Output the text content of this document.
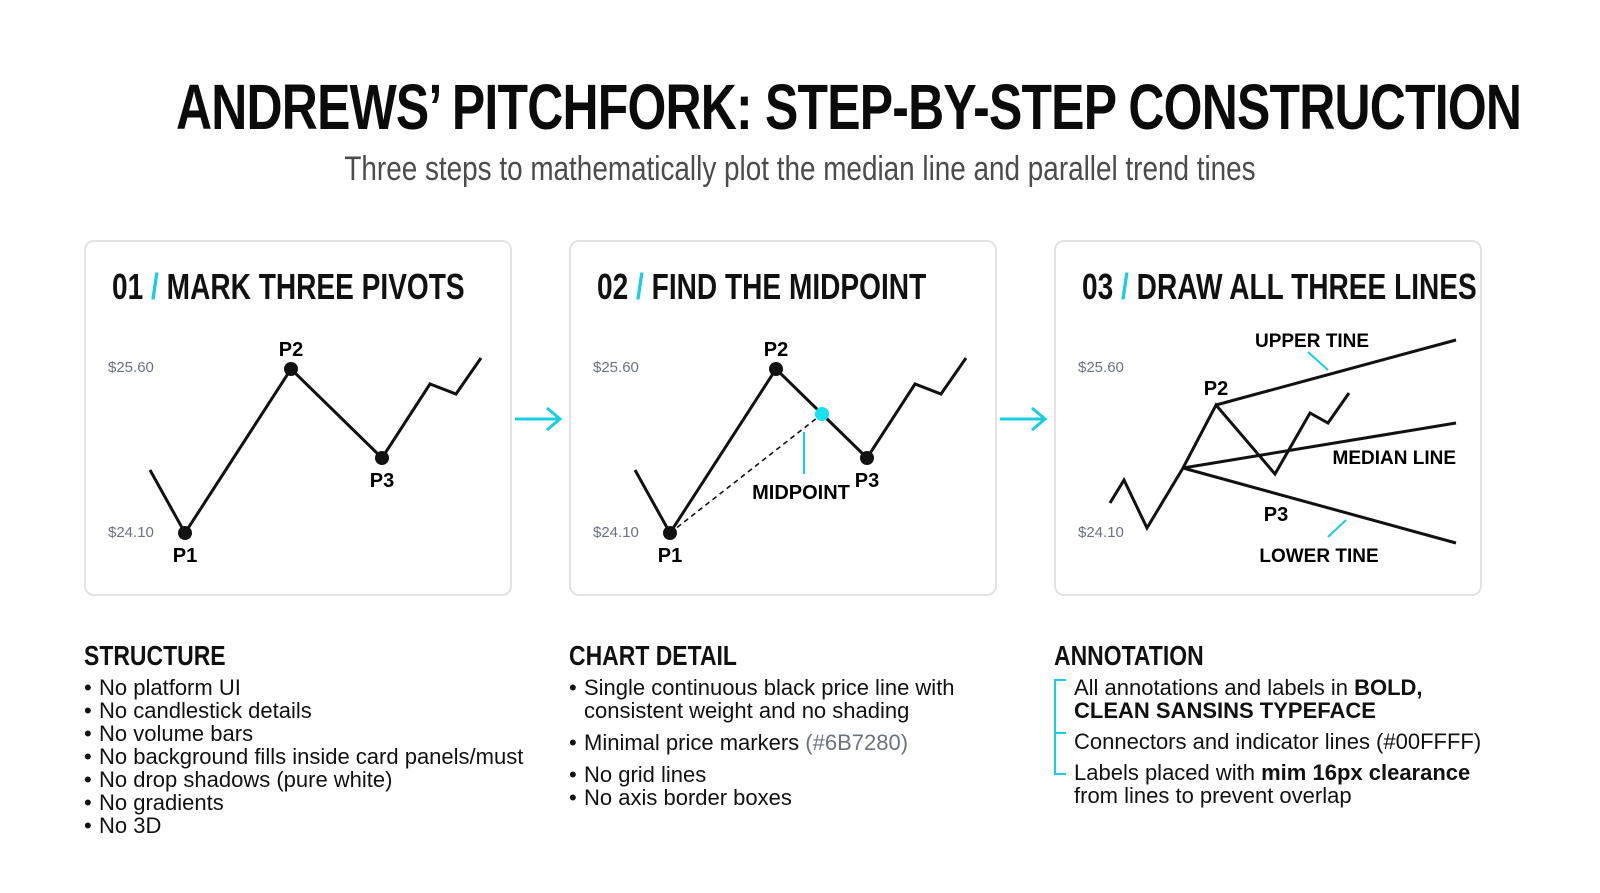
ANDREWS’ PITCHFORK: STEP-BY-STEP CONSTRUCTION
Three steps to mathematically plot the median line and parallel trend tines
01 / MARK THREE PIVOTS
$25.60
$24.10
P1
P2
P3
02 / FIND THE MIDPOINT
$25.60
$24.10
P1
P2
P3
MIDPOINT
03 / DRAW ALL THREE LINES
$25.60
$24.10
UPPER TINE
P2
MEDIAN LINE
P3
LOWER TINE
STRUCTURE
• No platform UI
• No candlestick details
• No volume bars
• No background fills inside card panels/must
• No drop shadows (pure white)
• No gradients
• No 3D
CHART DETAIL
• Single continuous black price line with
consistent weight and no shading
• Minimal price markers (#6B7280)
• No grid lines
• No axis border boxes
ANNOTATION
All annotations and labels in BOLD,
CLEAN SANSINS TYPEFACE
Connectors and indicator lines (#00FFFF)
Labels placed with mim 16px clearance
from lines to prevent overlap
